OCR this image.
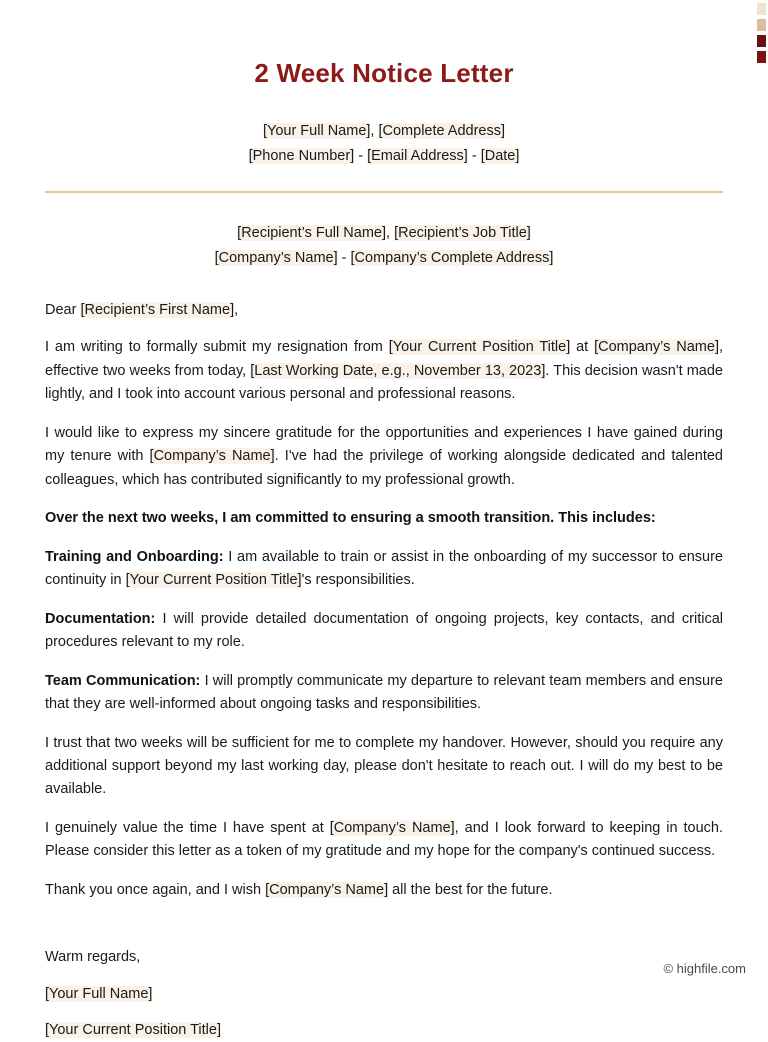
2 Week Notice Letter
[Your Full Name], [Complete Address]
[Phone Number] - [Email Address] - [Date]
[Recipient’s Full Name], [Recipient’s Job Title]
[Company’s Name] - [Company’s Complete Address]
Dear [Recipient’s First Name],

I am writing to formally submit my resignation from [Your Current Position Title] at [Company’s Name], effective two weeks from today, [Last Working Date, e.g., November 13, 2023]. This decision wasn't made lightly, and I took into account various personal and professional reasons.

I would like to express my sincere gratitude for the opportunities and experiences I have gained during my tenure with [Company’s Name]. I've had the privilege of working alongside dedicated and talented colleagues, which has contributed significantly to my professional growth.

Over the next two weeks, I am committed to ensuring a smooth transition. This includes:

Training and Onboarding: I am available to train or assist in the onboarding of my successor to ensure continuity in [Your Current Position Title]'s responsibilities.

Documentation: I will provide detailed documentation of ongoing projects, key contacts, and critical procedures relevant to my role.

Team Communication: I will promptly communicate my departure to relevant team members and ensure that they are well-informed about ongoing tasks and responsibilities.

I trust that two weeks will be sufficient for me to complete my handover. However, should you require any additional support beyond my last working day, please don't hesitate to reach out. I will do my best to be available.

I genuinely value the time I have spent at [Company’s Name], and I look forward to keeping in touch. Please consider this letter as a token of my gratitude and my hope for the company's continued success.

Thank you once again, and I wish [Company’s Name] all the best for the future.

Warm regards,
[Your Full Name]
[Your Current Position Title]
© highfile.com
